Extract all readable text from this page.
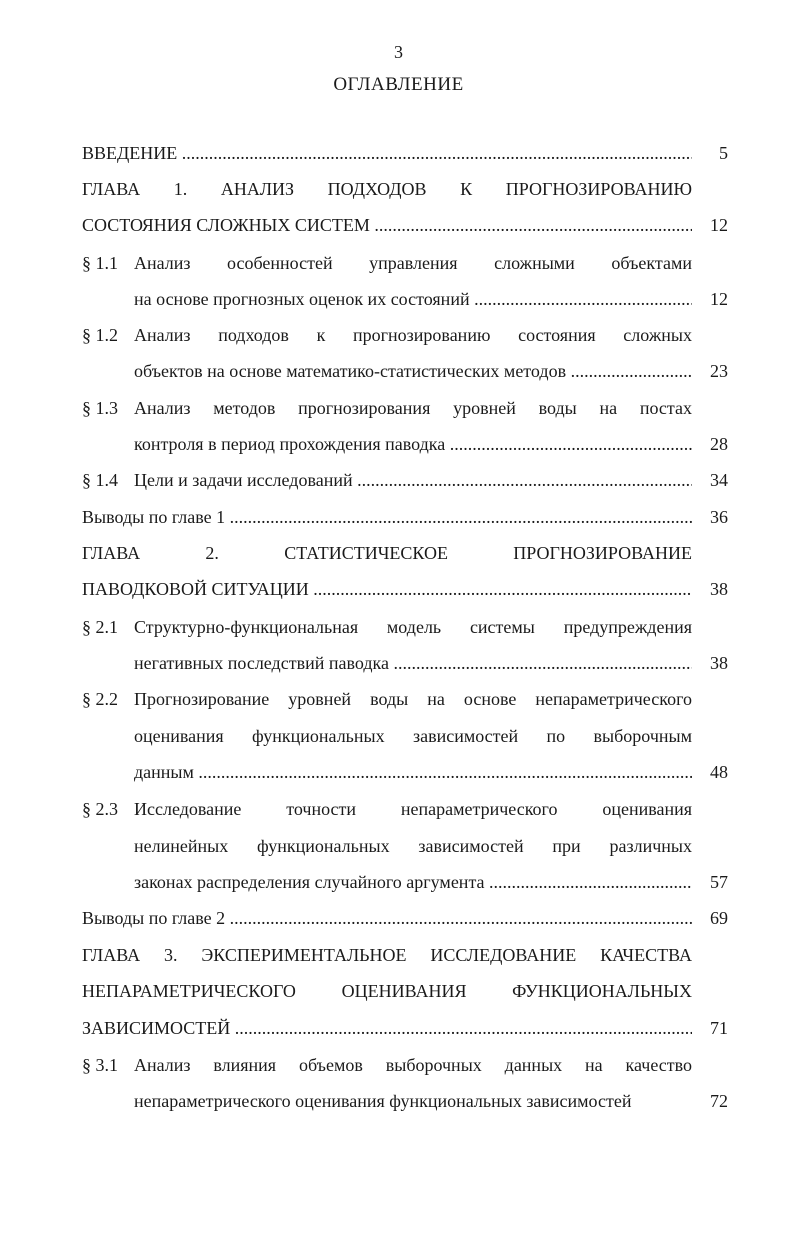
3
ОГЛАВЛЕНИЕ
ВВЕДЕНИЕ .....	5
ГЛАВА 1. АНАЛИЗ ПОДХОДОВ К ПРОГНОЗИРОВАНИЮ
СОСТОЯНИЯ СЛОЖНЫХ СИСТЕМ .....	12
§ 1.1 Анализ особенностей управления сложными объектами
на основе прогнозных оценок их состояний .....	12
§ 1.2 Анализ подходов к прогнозированию состояния сложных
объектов на основе математико-статистических методов .....	23
§ 1.3 Анализ методов прогнозирования уровней воды на постах
контроля в период прохождения паводка .....	28
§ 1.4 Цели и задачи исследований .....	34
Выводы по главе 1 .....	36
ГЛАВА 2. СТАТИСТИЧЕСКОЕ ПРОГНОЗИРОВАНИЕ
ПАВОДКОВОЙ СИТУАЦИИ .....	38
§ 2.1 Структурно-функциональная модель системы предупреждения
негативных последствий паводка .....	38
§ 2.2 Прогнозирование уровней воды на основе непараметрического
оценивания функциональных зависимостей по выборочным
данным .....	48
§ 2.3 Исследование точности непараметрического оценивания
нелинейных функциональных зависимостей при различных
законах распределения случайного аргумента .....	57
Выводы по главе 2 .....	69
ГЛАВА 3. ЭКСПЕРИМЕНТАЛЬНОЕ ИССЛЕДОВАНИЕ КАЧЕСТВА
НЕПАРАМЕТРИЧЕСКОГО ОЦЕНИВАНИЯ ФУНКЦИОНАЛЬНЫХ
ЗАВИСИМОСТЕЙ .....	71
§ 3.1 Анализ влияния объемов выборочных данных на качество
непараметрического оценивания функциональных зависимостей	72
